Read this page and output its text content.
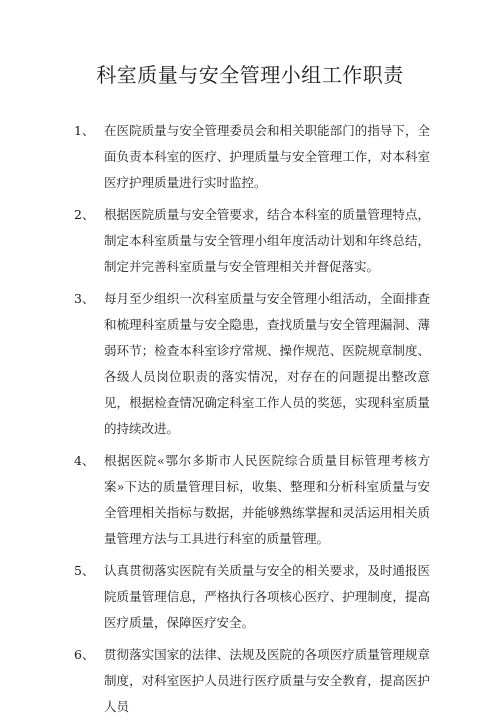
科室质量与安全管理小组工作职责
1、 在医院质量与安全管理委员会和相关职能部门的指导下，全面负责本科室的医疗、护理质量与安全管理工作，对本科室医疗护理质量进行实时监控。
2、 根据医院质量与安全管要求，结合本科室的质量管理特点，制定本科室质量与安全管理小组年度活动计划和年终总结，制定并完善科室质量与安全管理相关并督促落实。
3、 每月至少组织一次科室质量与安全管理小组活动，全面排查和梳理科室质量与安全隐患，查找质量与安全管理漏洞、薄弱环节；检查本科室诊疗常规、操作规范、医院规章制度、各级人员岗位职责的落实情况，对存在的问题提出整改意见，根据检查情况确定科室工作人员的奖惩，实现科室质量的持续改进。
4、 根据医院«鄂尔多斯市人民医院综合质量目标管理考核方案»下达的质量管理目标，收集、整理和分析科室质量与安全管理相关指标与数据，并能够熟练掌握和灵活运用相关质量管理方法与工具进行科室的质量管理。
5、 认真贯彻落实医院有关质量与安全的相关要求，及时通报医院质量管理信息，严格执行各项核心医疗、护理制度，提高医疗质量，保障医疗安全。
6、 贯彻落实国家的法律、法规及医院的各项医疗质量管理规章制度，对科室医护人员进行医疗质量与安全教育，提高医护人员
